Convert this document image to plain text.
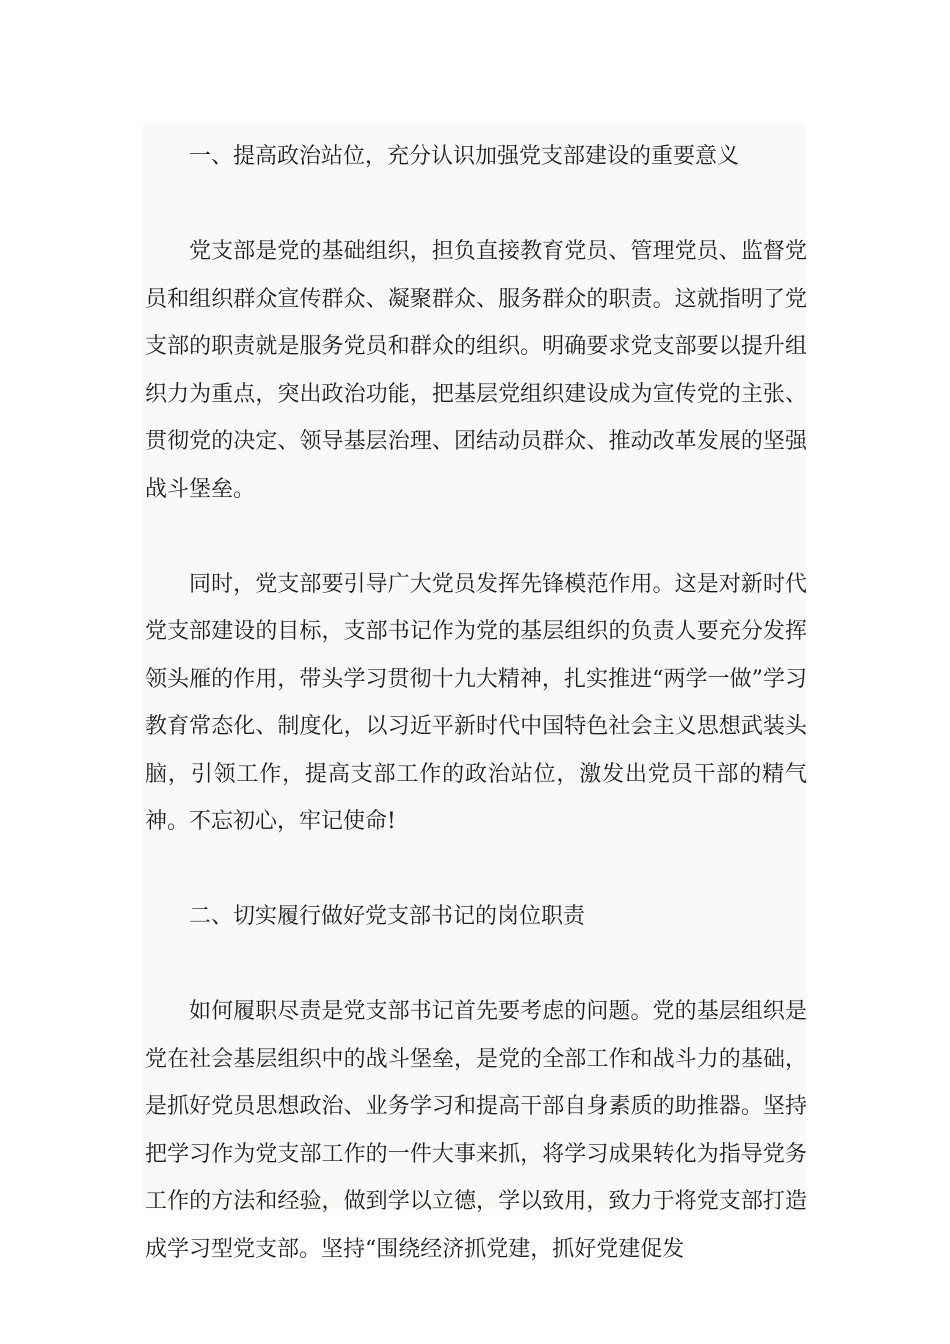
一、提高政治站位，充分认识加强党支部建设的重要意义

党支部是党的基础组织，担负直接教育党员、管理党员、监督党员和组织群众宣传群众、凝聚群众、服务群众的职责。这就指明了党支部的职责就是服务党员和群众的组织。明确要求党支部要以提升组织力为重点，突出政治功能，把基层党组织建设成为宣传党的主张、贯彻党的决定、领导基层治理、团结动员群众、推动改革发展的坚强战斗堡垒。

同时，党支部要引导广大党员发挥先锋模范作用。这是对新时代党支部建设的目标，支部书记作为党的基层组织的负责人要充分发挥领头雁的作用，带头学习贯彻十九大精神，扎实推进“两学一做”学习教育常态化、制度化，以习近平新时代中国特色社会主义思想武装头脑，引领工作，提高支部工作的政治站位，激发出党员干部的精气神。不忘初心，牢记使命!

二、切实履行做好党支部书记的岗位职责

如何履职尽责是党支部书记首先要考虑的问题。党的基层组织是党在社会基层组织中的战斗堡垒，是党的全部工作和战斗力的基础，是抓好党员思想政治、业务学习和提高干部自身素质的助推器。坚持把学习作为党支部工作的一件大事来抓，将学习成果转化为指导党务工作的方法和经验，做到学以立德，学以致用，致力于将党支部打造成学习型党支部。坚持“围绕经济抓党建，抓好党建促发
